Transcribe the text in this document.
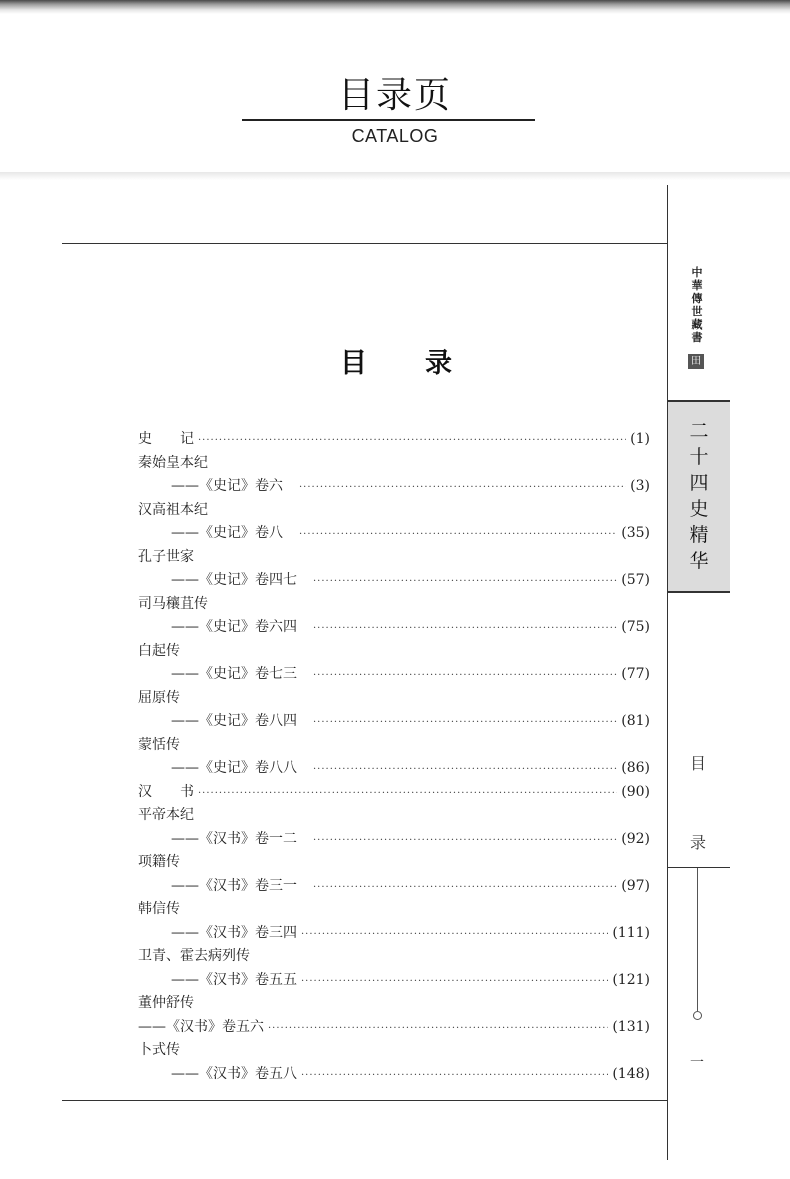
目录页
CATALOG
中華傳世藏書
田
二十四史精华
目
录
一
目录
史记 ·····	(1)
秦始皇本纪
——《史记》卷六 ·····	(3)
汉高祖本纪
——《史记》卷八 ·····	(35)
孔子世家
——《史记》卷四七 ·····	(57)
司马穰苴传
——《史记》卷六四 ·····	(75)
白起传
——《史记》卷七三 ·····	(77)
屈原传
——《史记》卷八四 ·····	(81)
蒙恬传
——《史记》卷八八 ·····	(86)
汉书 ·····	(90)
平帝本纪
——《汉书》卷一二 ·····	(92)
项籍传
——《汉书》卷三一 ·····	(97)
韩信传
——《汉书》卷三四 ·····	(111)
卫青、霍去病列传
——《汉书》卷五五 ·····	(121)
董仲舒传
——《汉书》卷五六 ·····	(131)
卜式传
——《汉书》卷五八 ·····	(148)
